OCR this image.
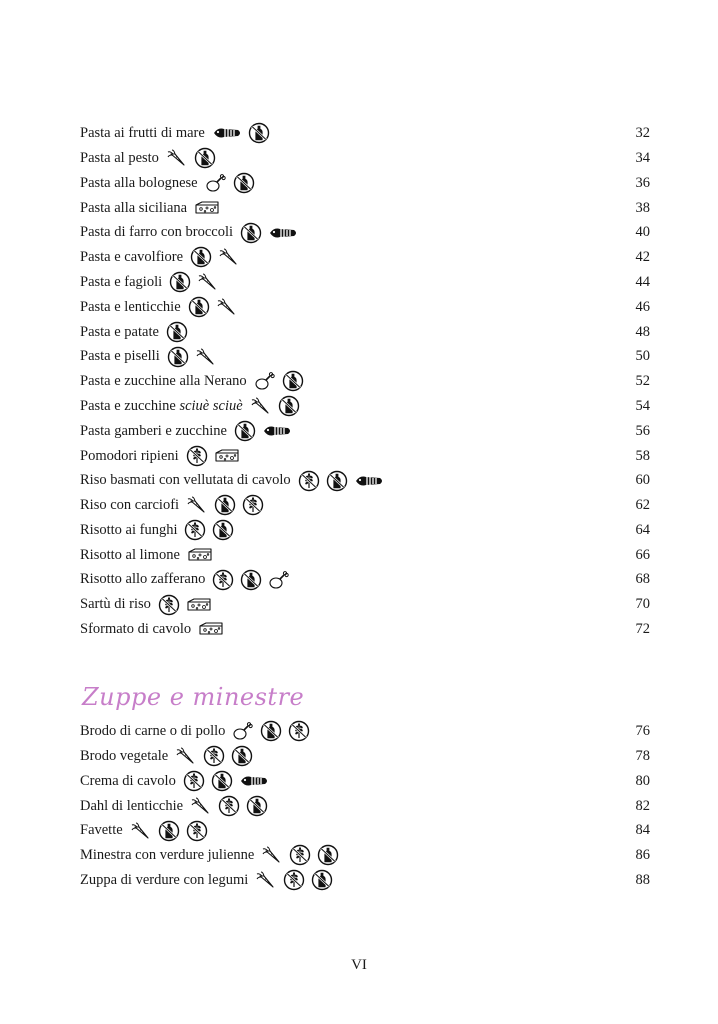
Pasta ai frutti di mare	32
Pasta al pesto	34
Pasta alla bolognese	36
Pasta alla siciliana	38
Pasta di farro con broccoli	40
Pasta e cavolfiore	42
Pasta e fagioli	44
Pasta e lenticchie	46
Pasta e patate	48
Pasta e piselli	50
Pasta e zucchine alla Nerano	52
Pasta e zucchine sciuè sciuè	54
Pasta gamberi e zucchine	56
Pomodori ripieni	58
Riso basmati con vellutata di cavolo	60
Riso con carciofi	62
Risotto ai funghi	64
Risotto al limone	66
Risotto allo zafferano	68
Sartù di riso	70
Sformato di cavolo	72
Zuppe e minestre
Brodo di carne o di pollo	76
Brodo vegetale	78
Crema di cavolo	80
Dahl di lenticchie	82
Favette	84
Minestra con verdure julienne	86
Zuppa di verdure con legumi	88
VI
